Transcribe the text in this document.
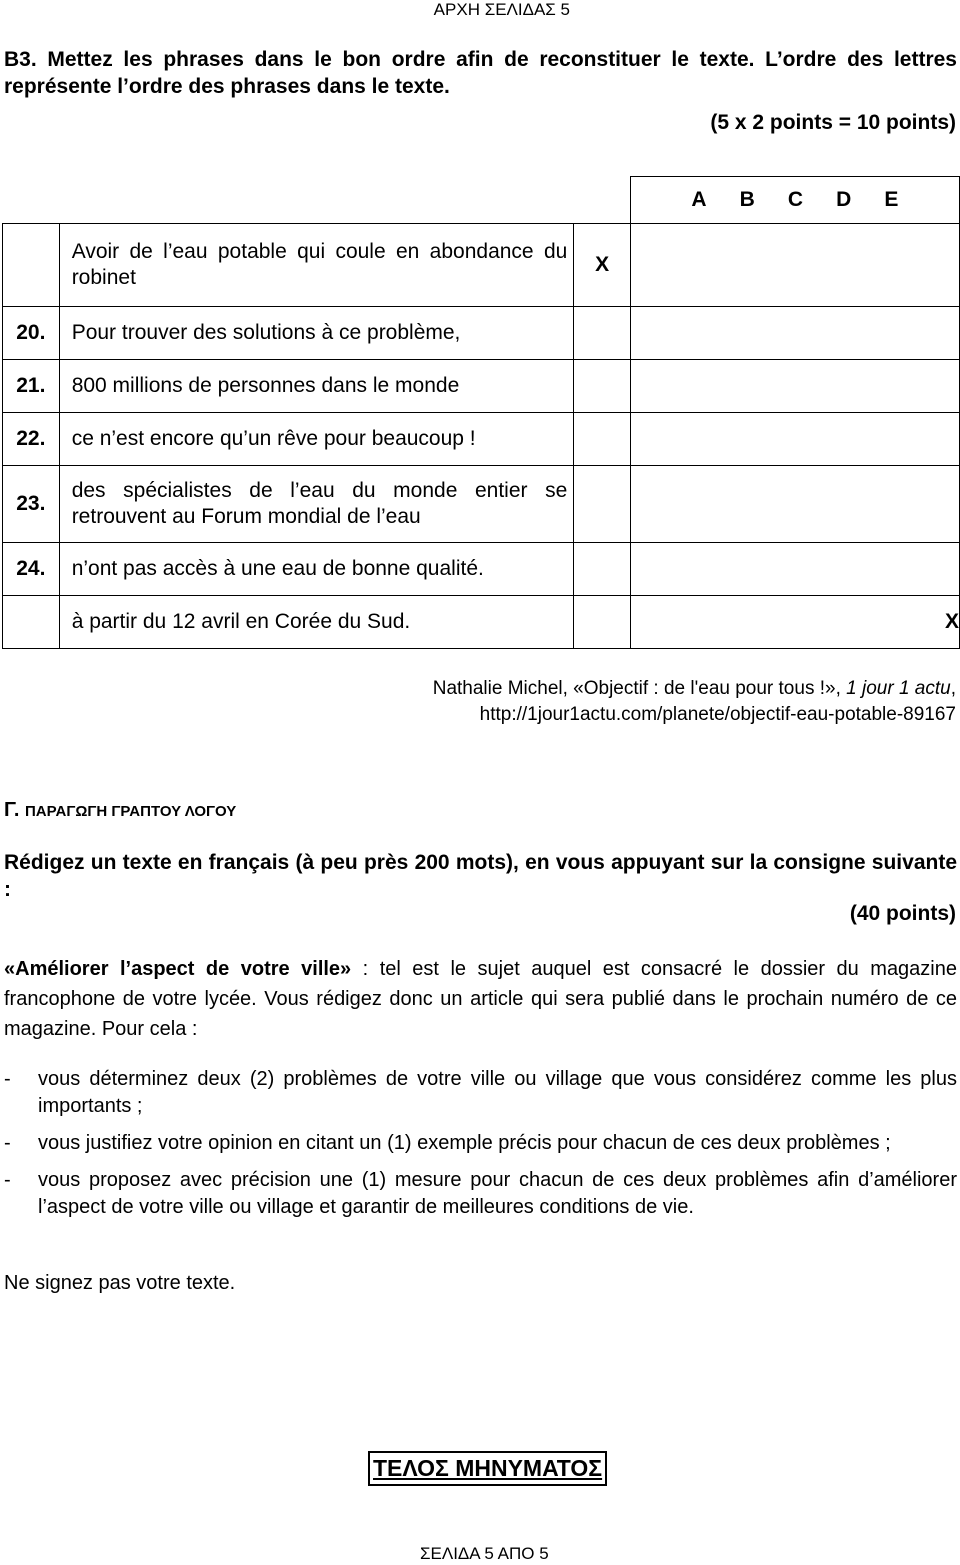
ΑΡΧΗ ΣΕΛΙΔΑΣ 5
B3. Mettez les phrases dans le bon ordre afin de reconstituer le texte. L’ordre des lettres représente l’ordre des phrases dans le texte.
(5 x 2 points = 10 points)

			A B C D E

	Avoir de l’eau potable qui coule en abondance du robinet	X	
20.	Pour trouver des solutions à ce problème,		
21.	800 millions de personnes dans le monde		
22.	ce n’est encore qu’un rêve pour beaucoup !		
23.	des spécialistes de l’eau du monde entier se retrouvent au Forum mondial de l’eau		
24.	n’ont pas accès à une eau de bonne qualité.		
	à partir du 12 avril en Corée du Sud.		X
Nathalie Michel, «Objectif : de l'eau pour tous !», 1 jour 1 actu,
http://1jour1actu.com/planete/objectif-eau-potable-89167
Γ. ΠΑΡΑΓΩΓΗ ΓΡΑΠΤΟΥ ΛΟΓΟΥ
Rédigez un texte en français (à peu près 200 mots), en vous appuyant sur la consigne suivante :
(40 points)
«Améliorer l’aspect de votre ville» : tel est le sujet auquel est consacré le dossier du magazine francophone de votre lycée. Vous rédigez donc un article qui sera publié dans le prochain numéro de ce magazine. Pour cela :
-	vous déterminez deux (2) problèmes de votre ville ou village que vous considérez comme les plus importants ;
-	vous justifiez votre opinion en citant un (1) exemple précis pour chacun de ces deux problèmes ;
-	vous proposez avec précision une (1) mesure pour chacun de ces deux problèmes afin d’améliorer l’aspect de votre ville ou village et garantir de meilleures conditions de vie.
Ne signez pas votre texte.
ΤΕΛΟΣ ΜΗΝΥΜΑΤΟΣ
ΣΕΛΙΔΑ 5 ΑΠΟ 5
